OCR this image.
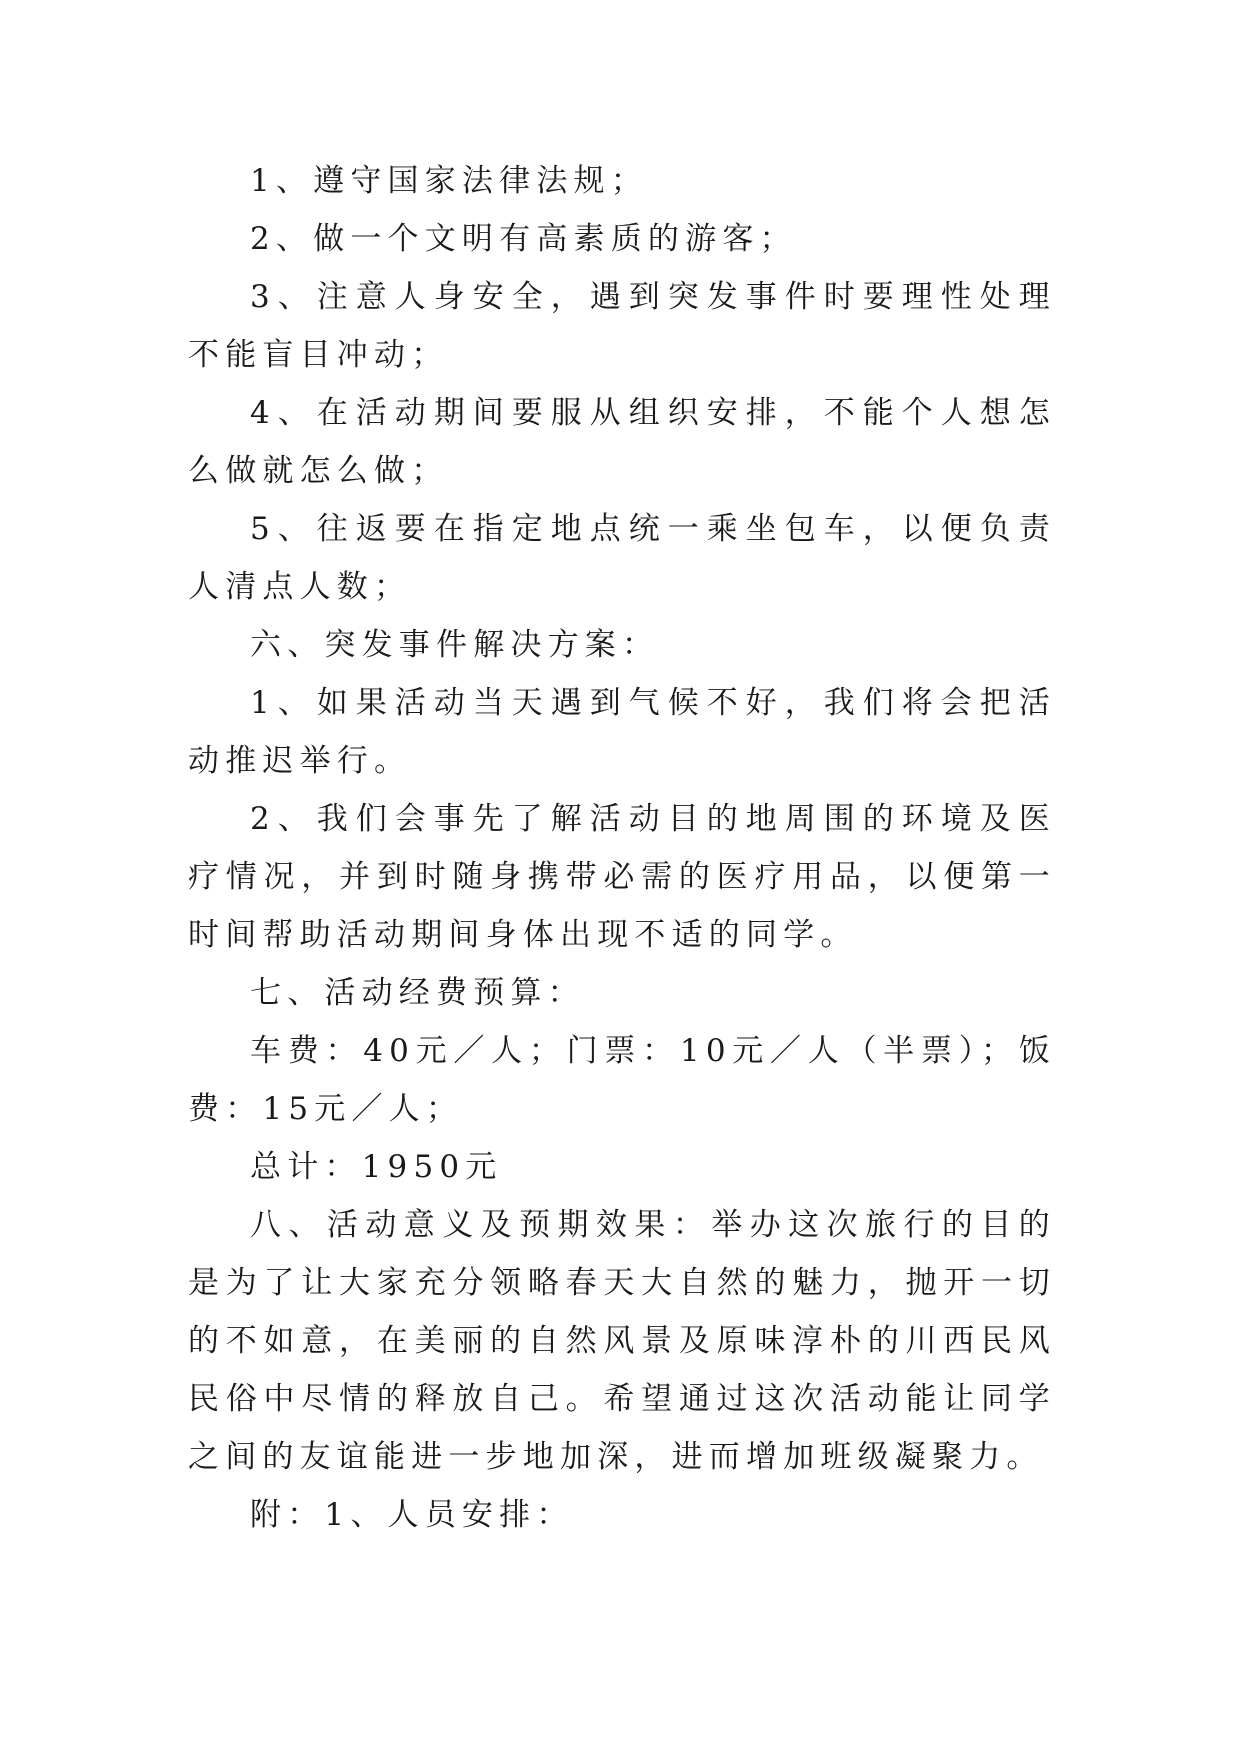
1、遵守国家法律法规；

2、做一个文明有高素质的游客；

3、注意人身安全，遇到突发事件时要理性处理不能盲目冲动；

4、在活动期间要服从组织安排，不能个人想怎么做就怎么做；

5、往返要在指定地点统一乘坐包车，以便负责人清点人数；

六、突发事件解决方案：

1、如果活动当天遇到气候不好，我们将会把活动推迟举行。

2、我们会事先了解活动目的地周围的环境及医疗情况，并到时随身携带必需的医疗用品，以便第一时间帮助活动期间身体出现不适的同学。

七、活动经费预算：

车费：40元／人；门票：10元／人（半票）；饭费：15元／人；

总计：1950元

八、活动意义及预期效果：举办这次旅行的目的是为了让大家充分领略春天大自然的魅力，抛开一切的不如意，在美丽的自然风景及原味淳朴的川西民风民俗中尽情的释放自己。希望通过这次活动能让同学之间的友谊能进一步地加深，进而增加班级凝聚力。

附：1、人员安排：
